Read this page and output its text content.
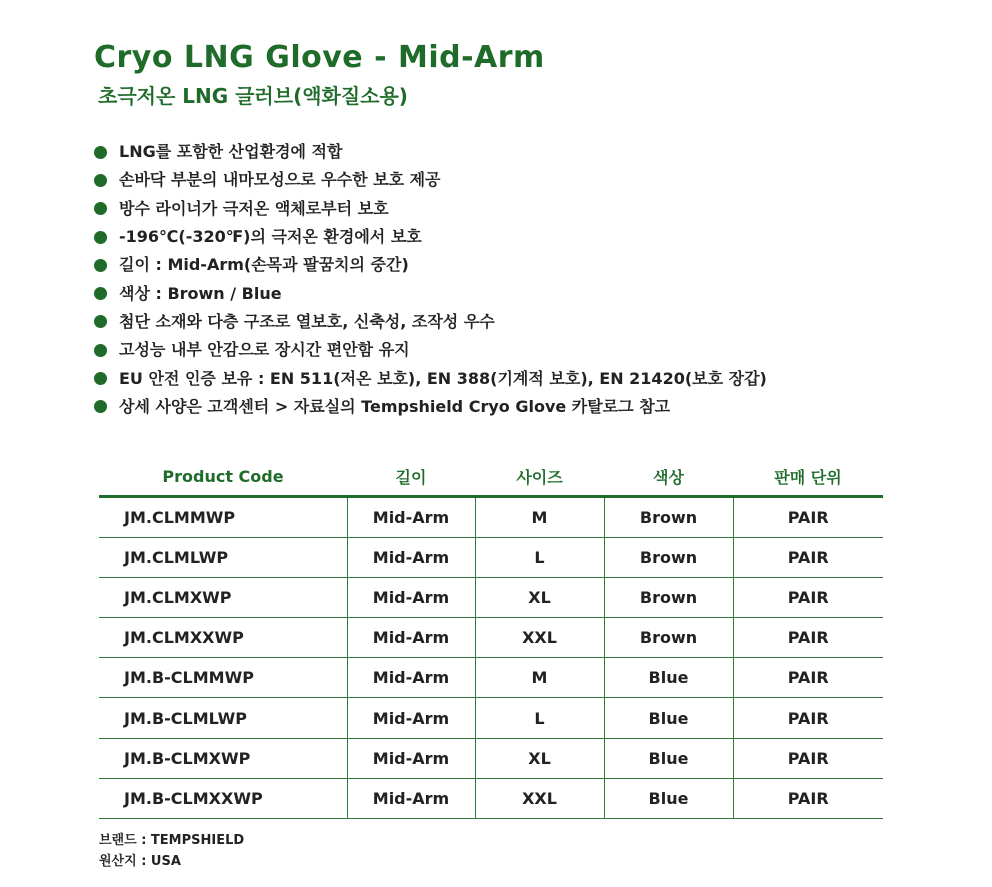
Cryo LNG Glove - Mid-Arm
초극저온 LNG 글러브(액화질소용)
LNG를 포함한 산업환경에 적합
손바닥 부분의 내마모성으로 우수한 보호 제공
방수 라이너가 극저온 액체로부터 보호
-196℃(-320℉)의 극저온 환경에서 보호
길이 : Mid-Arm(손목과 팔꿈치의 중간)
색상 : Brown / Blue
첨단 소재와 다층 구조로 열보호, 신축성, 조작성 우수
고성능 내부 안감으로 장시간 편안함 유지
EU 안전 인증 보유 : EN 511(저온 보호), EN 388(기계적 보호), EN 21420(보호 장갑)
상세 사양은 고객센터 > 자료실의 Tempshield Cryo Glove 카탈로그 참고
Product Code	길이	사이즈	색상	판매 단위
JM.CLMMWP	Mid-Arm	M	Brown	PAIR
JM.CLMLWP	Mid-Arm	L	Brown	PAIR
JM.CLMXWP	Mid-Arm	XL	Brown	PAIR
JM.CLMXXWP	Mid-Arm	XXL	Brown	PAIR
JM.B-CLMMWP	Mid-Arm	M	Blue	PAIR
JM.B-CLMLWP	Mid-Arm	L	Blue	PAIR
JM.B-CLMXWP	Mid-Arm	XL	Blue	PAIR
JM.B-CLMXXWP	Mid-Arm	XXL	Blue	PAIR
브랜드 : TEMPSHIELD
원산지 : USA
